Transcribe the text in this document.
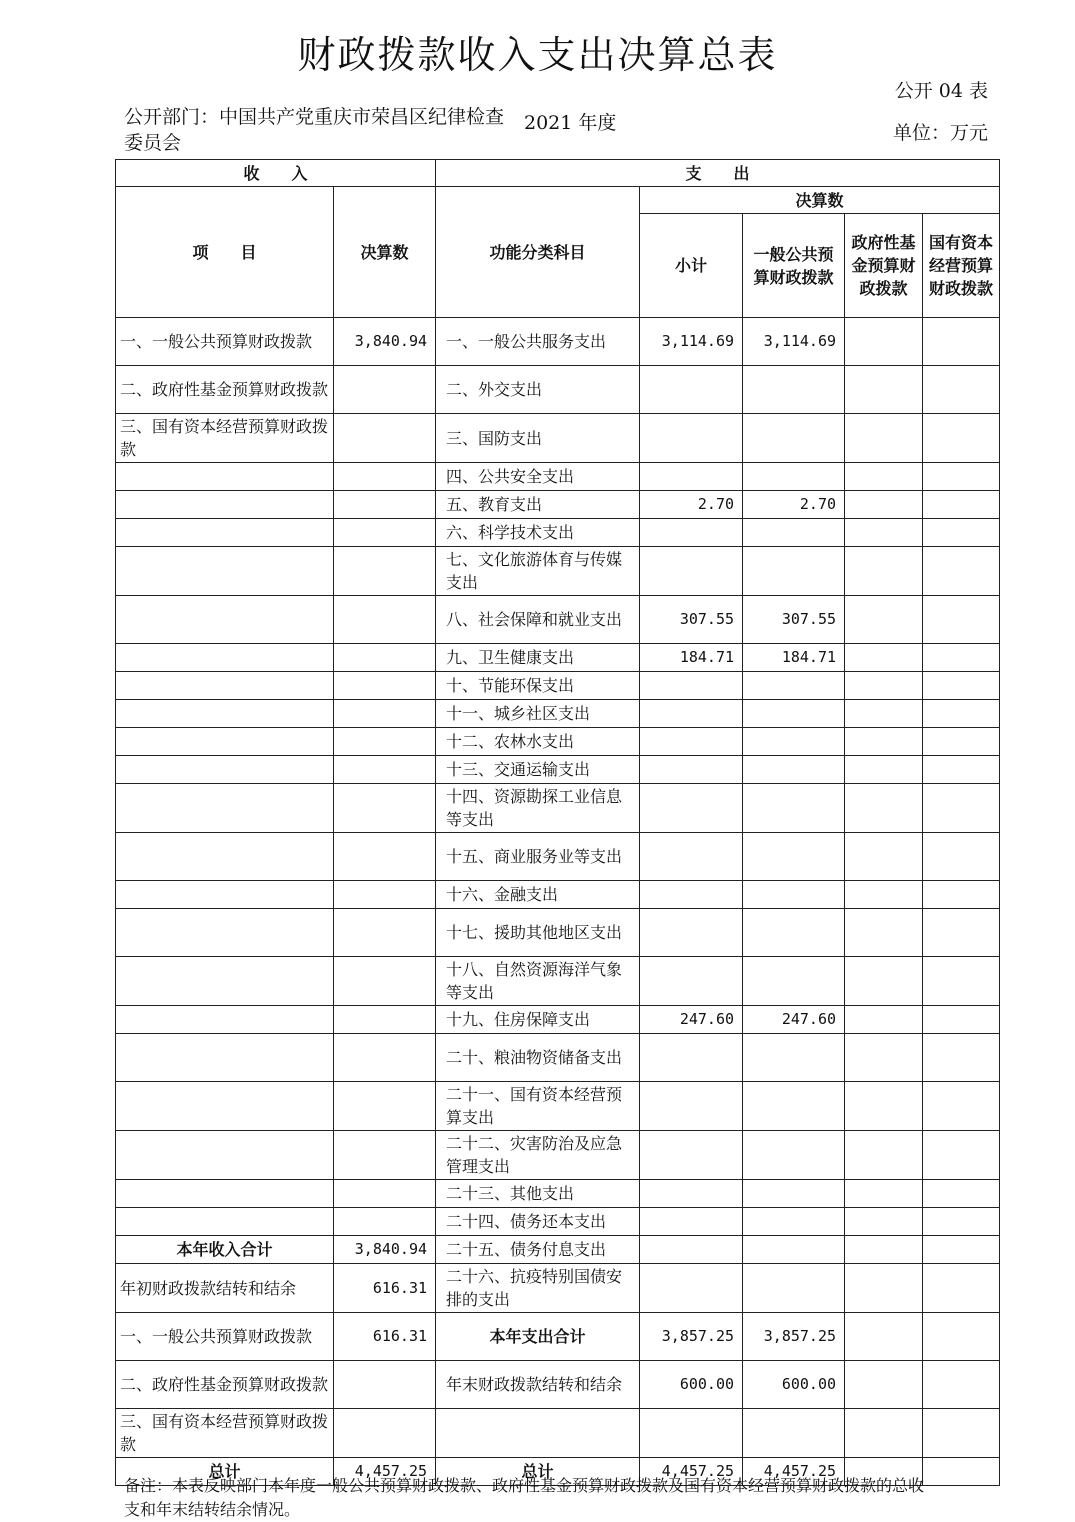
财政拨款收入支出决算总表
公开 04 表
公开部门：中国共产党重庆市荣昌区纪律检查委员会
2021 年度	单位：万元
收　　入		支　　出				
项　　目	决算数	功能分类科目	决算数			
			小计	一般公共预算财政拨款	政府性基金预算财政拨款	国有资本经营预算财政拨款
一、一般公共预算财政拨款	3,840.94	一、一般公共服务支出	3,114.69	3,114.69		
二、政府性基金预算财政拨款		二、外交支出				
三、国有资本经营预算财政拨款		三、国防支出				
		四、公共安全支出				
		五、教育支出	2.70	2.70		
		六、科学技术支出				
		七、文化旅游体育与传媒支出				
		八、社会保障和就业支出	307.55	307.55		
		九、卫生健康支出	184.71	184.71		
		十、节能环保支出				
		十一、城乡社区支出				
		十二、农林水支出				
		十三、交通运输支出				
		十四、资源勘探工业信息等支出				
		十五、商业服务业等支出				
		十六、金融支出				
		十七、援助其他地区支出				
		十八、自然资源海洋气象等支出				
		十九、住房保障支出	247.60	247.60		
		二十、粮油物资储备支出				
		二十一、国有资本经营预算支出				
		二十二、灾害防治及应急管理支出				
		二十三、其他支出				
		二十四、债务还本支出				
本年收入合计	3,840.94	二十五、债务付息支出				
年初财政拨款结转和结余	616.31	二十六、抗疫特别国债安排的支出				
一、一般公共预算财政拨款	616.31	本年支出合计	3,857.25	3,857.25		
二、政府性基金预算财政拨款		年末财政拨款结转和结余	600.00	600.00		
三、国有资本经营预算财政拨款						
总计	4,457.25	总计	4,457.25	4,457.25		
备注：本表反映部门本年度一般公共预算财政拨款、政府性基金预算财政拨款及国有资本经营预算财政拨款的总收支和年末结转结余情况。
